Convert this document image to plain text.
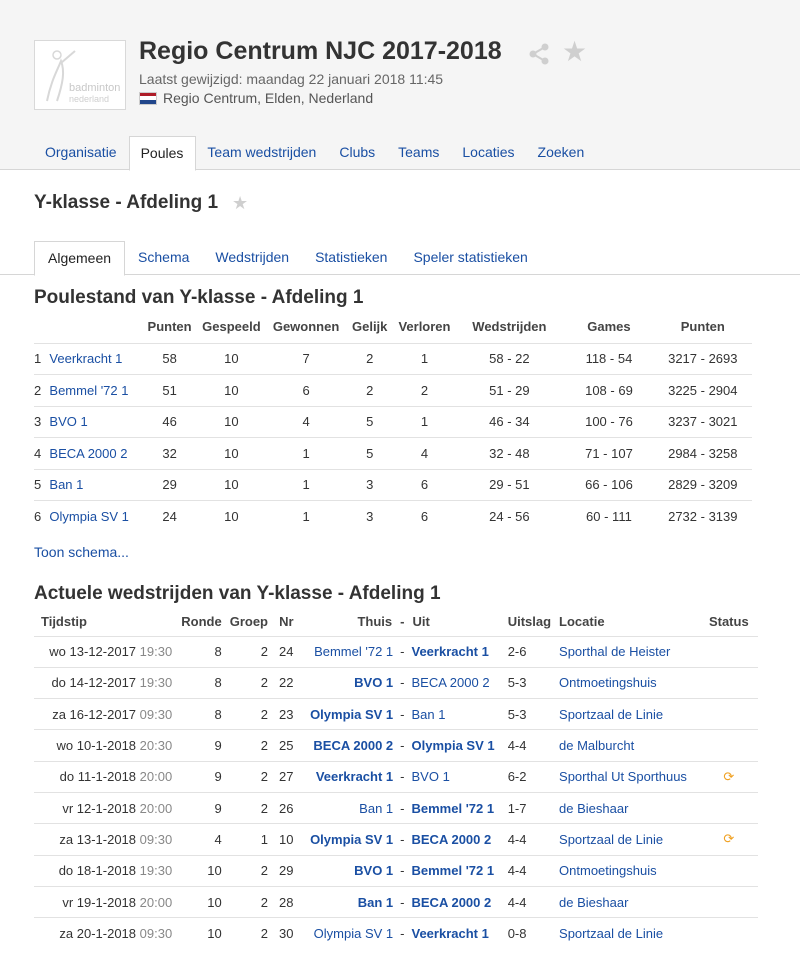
badminton
nederland
Regio Centrum NJC 2017-2018 ★
Laatst gewijzigd: maandag 22 januari 2018 11:45
Regio Centrum, Elden, Nederland
Organisatie	Poules	Team wedstrijden	Clubs	Teams	Locaties	Zoeken
Y-klasse - Afdeling 1 ★
Algemeen	Schema	Wedstrijden	Statistieken	Speler statistieken
Poulestand van Y-klasse - Afdeling 1
		Punten	Gespeeld	Gewonnen	Gelijk	Verloren	Wedstrijden	Games	Punten
1	Veerkracht 1	58	10	7	2	1	58 - 22	118 - 54	3217 - 2693
2	Bemmel '72 1	51	10	6	2	2	51 - 29	108 - 69	3225 - 2904
3	BVO 1	46	10	4	5	1	46 - 34	100 - 76	3237 - 3021
4	BECA 2000 2	32	10	1	5	4	32 - 48	71 - 107	2984 - 3258
5	Ban 1	29	10	1	3	6	29 - 51	66 - 106	2829 - 3209
6	Olympia SV 1	24	10	1	3	6	24 - 56	60 - 111	2732 - 3139
Toon schema...
Actuele wedstrijden van Y-klasse - Afdeling 1
Tijdstip	Ronde	Groep	Nr	Thuis	-	Uit	Uitslag	Locatie	Status
wo 13-12-2017 19:30	8	2	24	Bemmel '72 1	-	Veerkracht 1	2-6	Sporthal de Heister	
do 14-12-2017 19:30	8	2	22	BVO 1	-	BECA 2000 2	5-3	Ontmoetingshuis	
za 16-12-2017 09:30	8	2	23	Olympia SV 1	-	Ban 1	5-3	Sportzaal de Linie	
wo 10-1-2018 20:30	9	2	25	BECA 2000 2	-	Olympia SV 1	4-4	de Malburcht	
do 11-1-2018 20:00	9	2	27	Veerkracht 1	-	BVO 1	6-2	Sporthal Ut Sporthuus	⟳
vr 12-1-2018 20:00	9	2	26	Ban 1	-	Bemmel '72 1	1-7	de Bieshaar	
za 13-1-2018 09:30	4	1	10	Olympia SV 1	-	BECA 2000 2	4-4	Sportzaal de Linie	⟳
do 18-1-2018 19:30	10	2	29	BVO 1	-	Bemmel '72 1	4-4	Ontmoetingshuis	
vr 19-1-2018 20:00	10	2	28	Ban 1	-	BECA 2000 2	4-4	de Bieshaar	
za 20-1-2018 09:30	10	2	30	Olympia SV 1	-	Veerkracht 1	0-8	Sportzaal de Linie	
